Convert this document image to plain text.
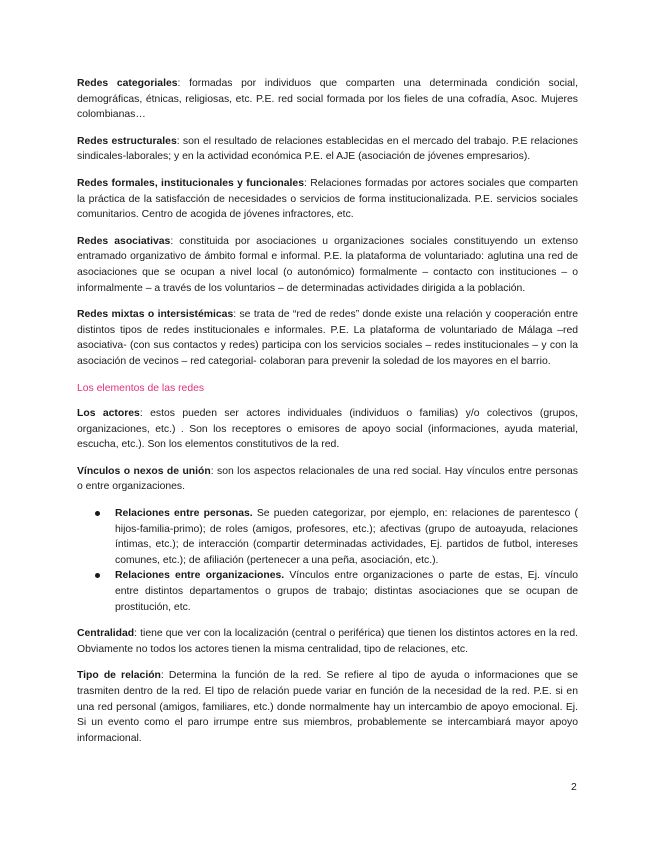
Redes categoriales: formadas por individuos que comparten una determinada condición social, demográficas, étnicas, religiosas, etc. P.E. red social formada por los fieles de una cofradía, Asoc. Mujeres colombianas…

Redes estructurales: son el resultado de relaciones establecidas en el mercado del trabajo. P.E relaciones sindicales-laborales; y en la actividad económica P.E. el AJE (asociación de jóvenes empresarios).

Redes formales, institucionales y funcionales: Relaciones formadas por actores sociales que comparten la práctica de la satisfacción de necesidades o servicios de forma institucionalizada. P.E. servicios sociales comunitarios. Centro de acogida de jóvenes infractores, etc.

Redes asociativas: constituida por asociaciones u organizaciones sociales constituyendo un extenso entramado organizativo de ámbito formal e informal. P.E. la plataforma de voluntariado: aglutina una red de asociaciones que se ocupan a nivel local (o autonómico) formalmente – contacto con instituciones – o informalmente – a través de los voluntarios – de determinadas actividades dirigida a la población.

Redes mixtas o intersistémicas: se trata de “red de redes” donde existe una relación y cooperación entre distintos tipos de redes institucionales e informales. P.E. La plataforma de voluntariado de Málaga –red asociativa- (con sus contactos y redes) participa con los servicios sociales – redes institucionales – y con la asociación de vecinos – red categorial- colaboran para prevenir la soledad de los mayores en el barrio.

Los elementos de las redes

Los actores: estos pueden ser actores individuales (individuos o familias) y/o colectivos (grupos, organizaciones, etc.) . Son los receptores o emisores de apoyo social (informaciones, ayuda material, escucha, etc.). Son los elementos constitutivos de la red.

Vínculos o nexos de unión: son los aspectos relacionales de una red social. Hay vínculos entre personas o entre organizaciones.

Relaciones entre personas. Se pueden categorizar, por ejemplo, en: relaciones de parentesco ( hijos-familia-primo); de roles (amigos, profesores, etc.); afectivas (grupo de autoayuda, relaciones íntimas, etc.); de interacción (compartir determinadas actividades, Ej. partidos de futbol, intereses comunes, etc.); de afiliación (pertenecer a una peña, asociación, etc.).
Relaciones entre organizaciones. Vínculos entre organizaciones o parte de estas, Ej. vínculo entre distintos departamentos o grupos de trabajo; distintas asociaciones que se ocupan de prostitución, etc.

Centralidad: tiene que ver con la localización (central o periférica) que tienen los distintos actores en la red. Obviamente no todos los actores tienen la misma centralidad, tipo de relaciones, etc.

Tipo de relación: Determina la función de la red. Se refiere al tipo de ayuda o informaciones que se trasmiten dentro de la red. El tipo de relación puede variar en función de la necesidad de la red. P.E. si en una red personal (amigos, familiares, etc.) donde normalmente hay un intercambio de apoyo emocional. Ej. Si un evento como el paro irrumpe entre sus miembros, probablemente se intercambiará mayor apoyo informacional.

2
